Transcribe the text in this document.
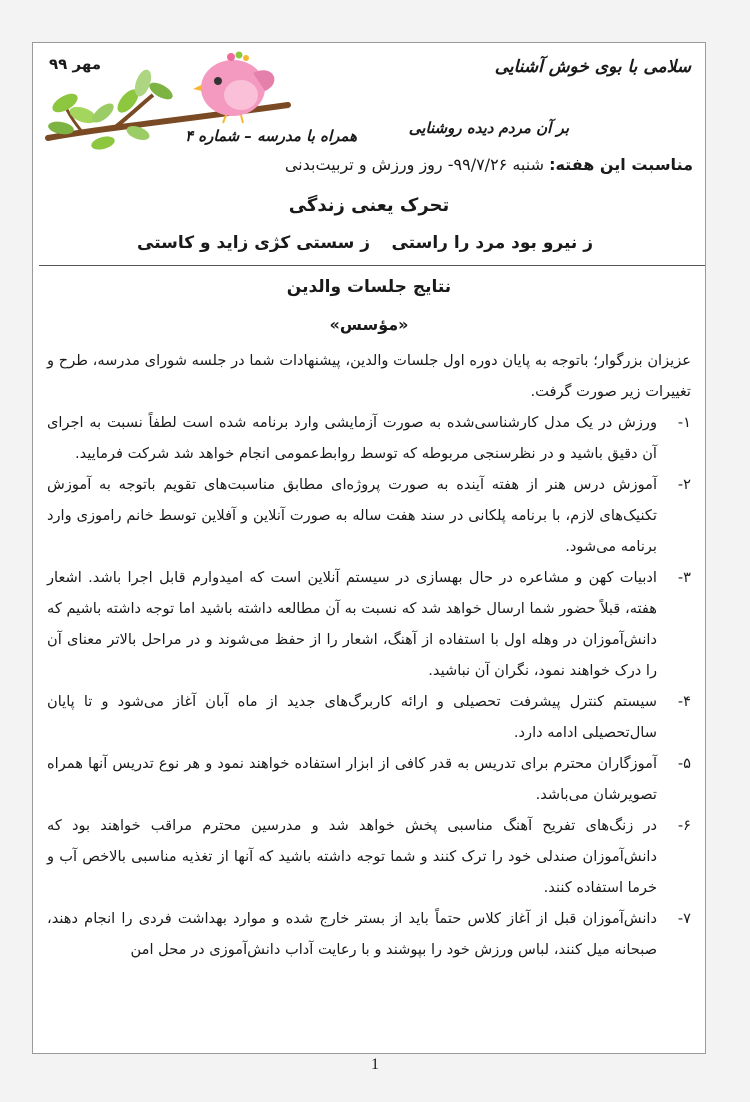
سلامی با بوی خوش آشنایی
بر آن مردم دیده روشنایی
مهر ۹۹
همراه با مدرسه – شماره ۴
مناسبت این هفته: شنبه ۹۹/۷/۲۶- روز ورزش و تربیت‌بدنی
تحرک یعنی زندگی
ز نیرو بود مرد را راستی
ز سستی کژی زاید و کاستی
نتایج جلسات والدین
«مؤسس»

عزیزان بزرگوار؛ باتوجه به پایان دوره اول جلسات والدین، پیشنهادات شما در جلسه شورای مدرسه، طرح و تغییرات زیر صورت گرفت.

۱-
ورزش در یک مدل کارشناسی‌شده به صورت آزمایشی وارد برنامه شده است لطفاً نسبت به اجرای آن دقیق باشید و در نظرسنجی مربوطه که توسط روابط‌عمومی انجام خواهد شد شرکت فرمایید.
۲-
آموزش درس هنر از هفته آینده به صورت پروژه‌ای مطابق مناسبت‌های تقویم باتوجه به آموزش تکنیک‌های لازم، با برنامه پلکانی در سند هفت ساله به صورت آنلاین و آفلاین توسط خانم راموزی وارد برنامه می‌شود.
۳-
ادبیات کهن و مشاعره در حال بهسازی در سیستم آنلاین است که امیدوارم قابل اجرا باشد. اشعار هفته، قبلاً حضور شما ارسال خواهد شد که نسبت به آن مطالعه داشته باشید اما توجه داشته باشیم که دانش‌آموزان در وهله اول با استفاده از آهنگ، اشعار را از حفظ می‌شوند و در مراحل بالاتر معنای آن را درک خواهند نمود، نگران آن نباشید.
۴-
سیستم کنترل پیشرفت تحصیلی و ارائه کاربرگ‌های جدید از ماه آبان آغاز می‌شود و تا پایان سال‌تحصیلی ادامه دارد.
۵-
آموزگاران محترم برای تدریس به قدر کافی از ابزار استفاده خواهند نمود و هر نوع تدریس آنها همراه تصویرشان می‌باشد.
۶-
در زنگ‌های تفریح آهنگ مناسبی پخش خواهد شد و مدرسین محترم مراقب خواهند بود که دانش‌آموزان صندلی خود را ترک کنند و شما توجه داشته باشید که آنها از تغذیه مناسبی بالاخص آب و خرما استفاده کنند.
۷-
دانش‌آموزان قبل از آغاز کلاس حتماً باید از بستر خارج شده و موارد بهداشت فردی را انجام دهند، صبحانه میل کنند، لباس ورزش خود را بپوشند و با رعایت آداب دانش‌آموزی در محل امن
1
